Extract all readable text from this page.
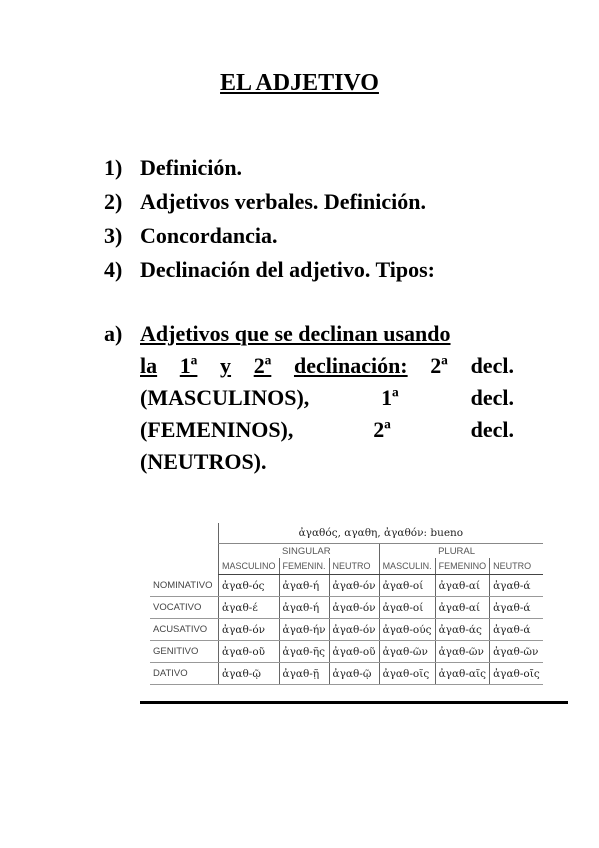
EL ADJETIVO
1) Definición.
2) Adjetivos verbales. Definición.
3) Concordancia.
4) Declinación del adjetivo. Tipos:
a) Adjetivos que se declinan usando
la 1ª y 2ª declinación: 2ª decl.
(MASCULINOS),	1ª	decl.
(FEMENINOS),	2ª	decl.
(NEUTROS).
	ἀγαθός, αγαθη, ἀγαθόν: bueno					
		SINGULAR			PLURAL	
	MASCULINO	FEMENIN.	NEUTRO	MASCULIN.	FEMENINO	NEUTRO
NOMINATIVO	ἀγαθ-ός	ἀγαθ-ή	ἀγαθ-όν	ἀγαθ-οί	ἀγαθ-αί	ἀγαθ-ά
VOCATIVO	ἀγαθ-έ	ἀγαθ-ή	ἀγαθ-όν	ἀγαθ-οί	ἀγαθ-αί	ἀγαθ-ά
ACUSATIVO	ἀγαθ-όν	ἀγαθ-ήν	ἀγαθ-όν	ἀγαθ-ούς	ἀγαθ-άς	ἀγαθ-ά
GENITIVO	ἀγαθ-οῦ	ἀγαθ-ῆς	ἀγαθ-οῦ	ἀγαθ-ῶν	ἀγαθ-ῶν	ἀγαθ-ῶν
DATIVO	ἀγαθ-ῷ	ἀγαθ-ῇ	ἀγαθ-ῷ	ἀγαθ-οῖς	ἀγαθ-αῖς	ἀγαθ-οῖς
